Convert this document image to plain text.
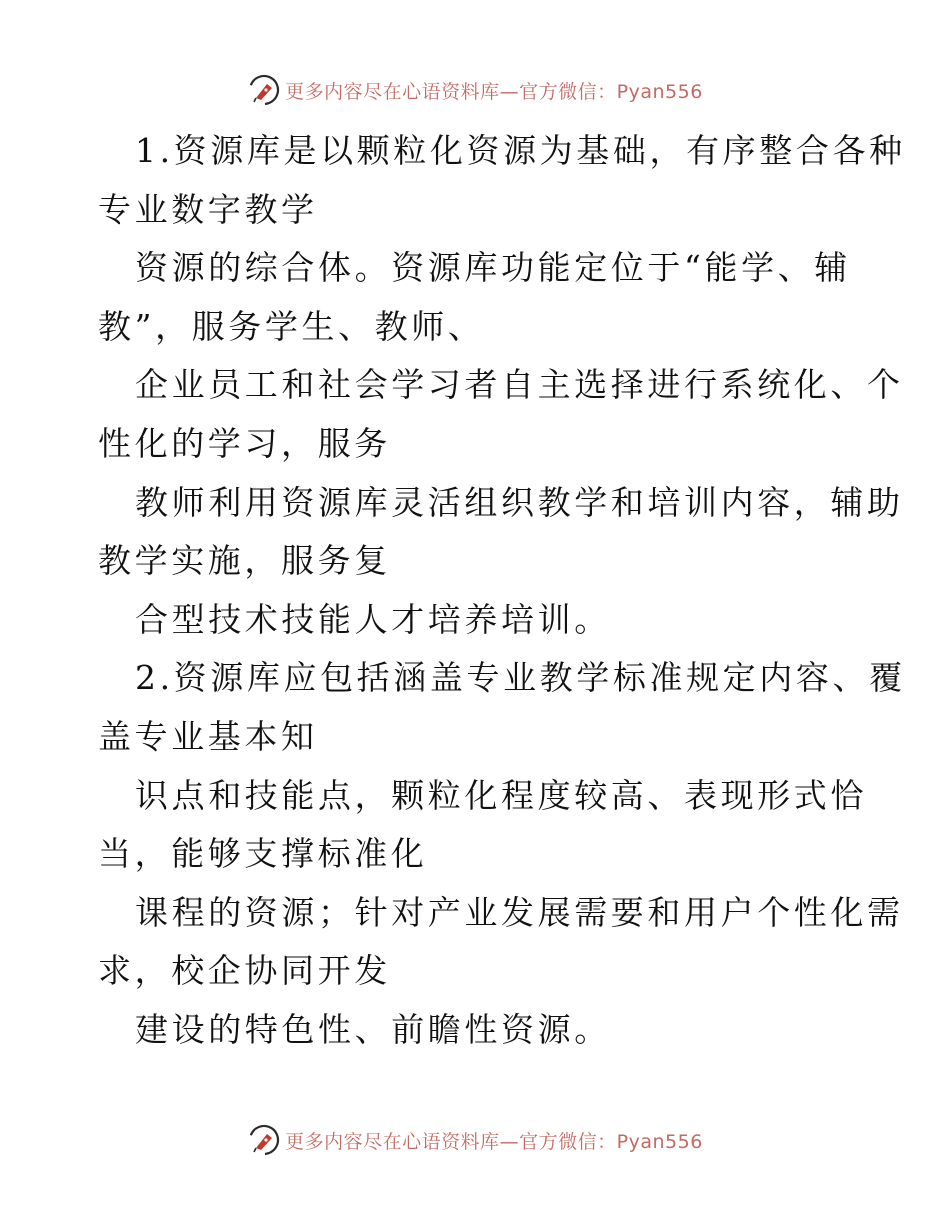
更多内容尽在心语资料库—官方微信：Pyan556
1.资源库是以颗粒化资源为基础，有序整合各种
专业数字教学
资源的综合体。资源库功能定位于“能学、辅
教”，服务学生、教师、
企业员工和社会学习者自主选择进行系统化、个
性化的学习，服务
教师利用资源库灵活组织教学和培训内容，辅助
教学实施，服务复
合型技术技能人才培养培训。
2.资源库应包括涵盖专业教学标准规定内容、覆
盖专业基本知
识点和技能点，颗粒化程度较高、表现形式恰
当，能够支撑标准化
课程的资源；针对产业发展需要和用户个性化需
求，校企协同开发
建设的特色性、前瞻性资源。
更多内容尽在心语资料库—官方微信：Pyan556
